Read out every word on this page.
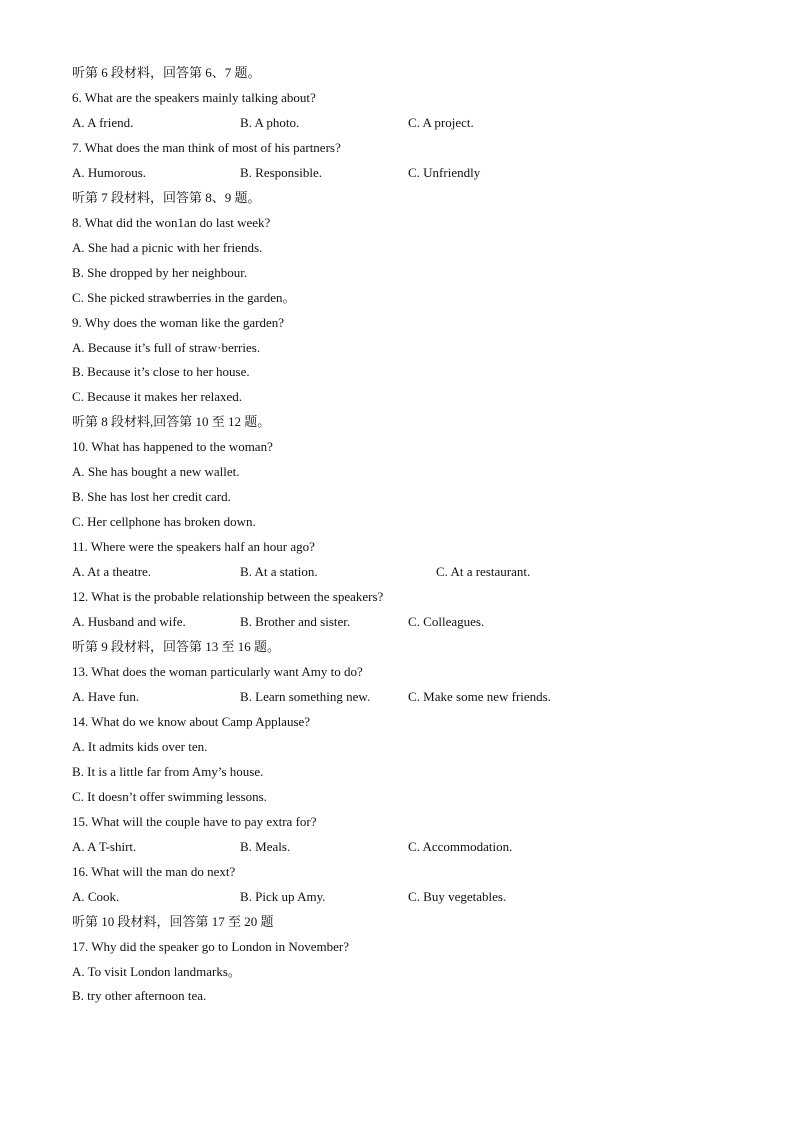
听第 6 段材料，回答第 6、7 题。
6. What are the speakers mainly talking about?
A. A friend.	B. A photo.	C. A project.
7. What does the man think of most of his partners?
A. Humorous.	B. Responsible.	C. Unfriendly
听第 7 段材料，回答第 8、9 题。
8. What did the won1an do last week?
A. She had a picnic with her friends.
B. She dropped by her neighbour.
C. She picked strawberries in the garden。
9. Why does the woman like the garden?
A. Because it’s full of straw·berries.
B. Because it’s close to her house.
C. Because it makes her relaxed.
听第 8 段材料,回答第 10 至 12 题。
10. What has happened to the woman?
A. She has bought a new wallet.
B. She has lost her credit card.
C. Her cellphone has broken down.
11. Where were the speakers half an hour ago?
A. At a theatre.	B. At a station.	C. At a restaurant.
12. What is the probable relationship between the speakers?
A. Husband and wife.	B. Brother and sister.	C. Colleagues.
听第 9 段材料，回答第 13 至 16 题。
13. What does the woman particularly want Amy to do?
A. Have fun.	B. Learn something new.	C. Make some new friends.
14. What do we know about Camp Applause?
A. It admits kids over ten.
B. It is a little far from Amy’s house.
C. It doesn’t offer swimming lessons.
15. What will the couple have to pay extra for?
A. A T-shirt.	B. Meals.	C. Accommodation.
16. What will the man do next?
A. Cook.	B. Pick up Amy.	C. Buy vegetables.
听第 10 段材料，回答第 17 至 20 题
17. Why did the speaker go to London in November?
A. To visit London landmarks。
B. try other afternoon tea.
